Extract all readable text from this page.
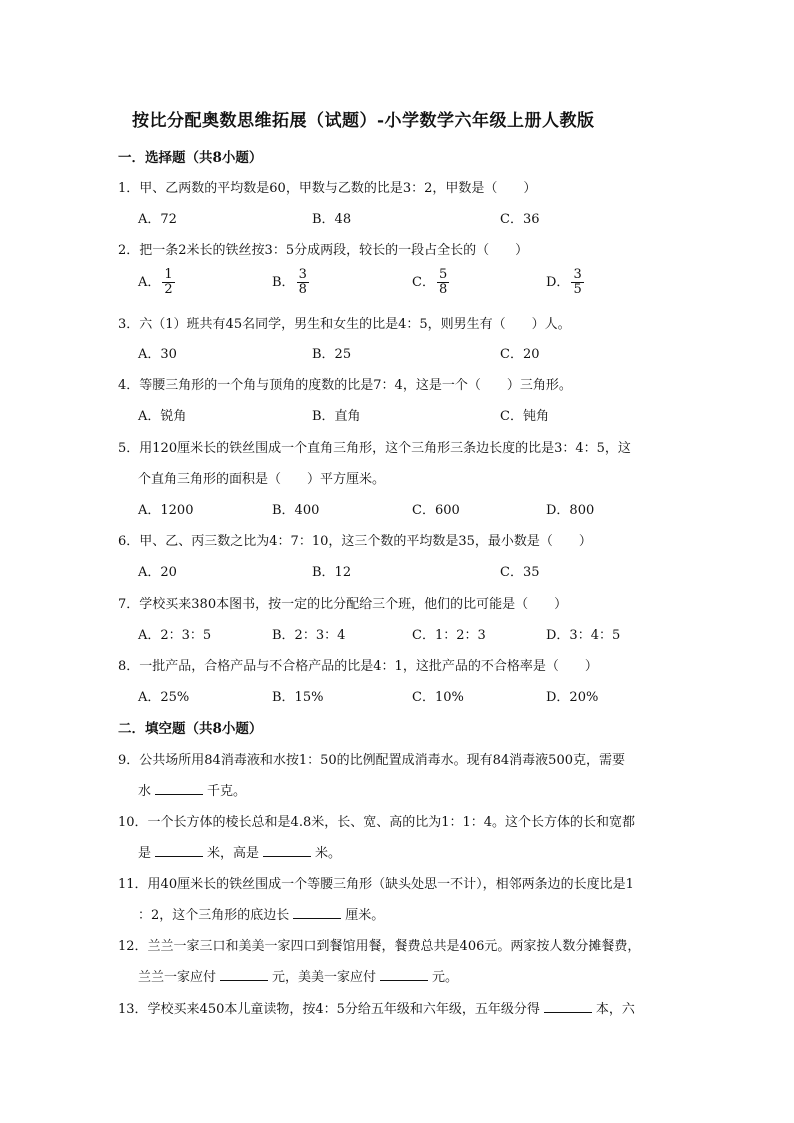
按比分配奥数思维拓展（试题）-小学数学六年级上册人教版
一．选择题（共8小题）
1．甲、乙两数的平均数是60，甲数与乙数的比是3：2，甲数是（　　）
A．72	B．48	C．36
2．把一条2米长的铁丝按3：5分成两段，较长的一段占全长的（　　）
A． $\frac{1}{2}$	B． $\frac{3}{8}$	C． $\frac{5}{8}$	D． $\frac{3}{5}$
3．六（1）班共有45名同学，男生和女生的比是4：5，则男生有（　　）人。
A．30	B．25	C．20
4．等腰三角形的一个角与顶角的度数的比是7：4，这是一个（　　）三角形。
A．锐角	B．直角	C．钝角
5．用120厘米长的铁丝围成一个直角三角形，这个三角形三条边长度的比是3：4：5，这
个直角三角形的面积是（　　）平方厘米。
A．1200	B．400	C．600	D．800
6．甲、乙、丙三数之比为4：7：10，这三个数的平均数是35，最小数是（　　）
A．20	B．12	C．35
7．学校买来380本图书，按一定的比分配给三个班，他们的比可能是（　　）
A．2：3：5	B．2：3：4	C．1：2：3	D．3：4：5
8．一批产品，合格产品与不合格产品的比是4：1，这批产品的不合格率是（　　）
A．25%	B．15%	C．10%	D．20%
二．填空题（共8小题）
9．公共场所用84消毒液和水按1：50的比例配置成消毒水。现有84消毒液500克，需要
水	千克。
10．一个长方体的棱长总和是4.8米，长、宽、高的比为1：1：4。这个长方体的长和宽都
是	米，高是	米。
11．用40厘米长的铁丝围成一个等腰三角形（缺头处思一不计），相邻两条边的长度比是1
：2，这个三角形的底边长	厘米。
12．兰兰一家三口和美美一家四口到餐馆用餐，餐费总共是406元。两家按人数分摊餐费，
兰兰一家应付	元，美美一家应付	元。
13．学校买来450本儿童读物，按4：5分给五年级和六年级，五年级分得	本，六
